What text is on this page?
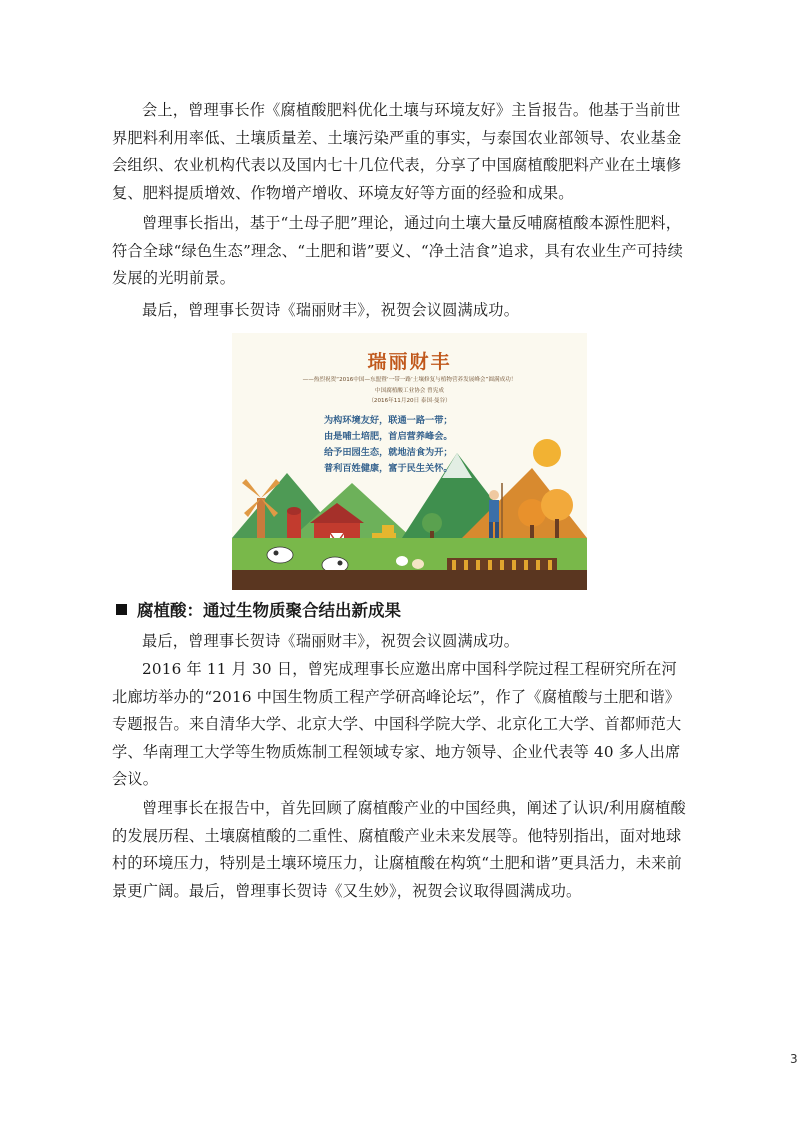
会上，曾理事长作《腐植酸肥料优化土壤与环境友好》主旨报告。他基于当前世界肥料利用率低、土壤质量差、土壤污染严重的事实，与泰国农业部领导、农业基金会组织、农业机构代表以及国内七十几位代表，分享了中国腐植酸肥料产业在土壤修复、肥料提质增效、作物增产增收、环境友好等方面的经验和成果。

曾理事长指出，基于“土母子肥”理论，通过向土壤大量反哺腐植酸本源性肥料，符合全球“绿色生态”理念、“土肥和谐”要义、“净土洁食”追求，具有农业生产可持续发展的光明前景。

最后，曾理事长贺诗《瑞丽财丰》，祝贺会议圆满成功。

瑞丽财丰
——热烈祝贺“2016中国—东盟暨‘一带一路’土壤修复与植物营养发展峰会”圆满成功！
中国腐植酸工业协会 曾宪成
（2016年11月20日 泰国·曼谷）
为构环境友好，联通一路一带；
由是哺土培肥，首启营养峰会。
给予田园生态，就地洁食为开；
普利百姓健康，富于民生关怀。
腐植酸：通过生物质聚合结出新成果

最后，曾理事长贺诗《瑞丽财丰》，祝贺会议圆满成功。

2016 年 11 月 30 日，曾宪成理事长应邀出席中国科学院过程工程研究所在河北廊坊举办的“2016 中国生物质工程产学研高峰论坛”，作了《腐植酸与土肥和谐》专题报告。来自清华大学、北京大学、中国科学院大学、北京化工大学、首都师范大学、华南理工大学等生物质炼制工程领域专家、地方领导、企业代表等 40 多人出席会议。

曾理事长在报告中，首先回顾了腐植酸产业的中国经典，阐述了认识/利用腐植酸的发展历程、土壤腐植酸的二重性、腐植酸产业未来发展等。他特别指出，面对地球村的环境压力，特别是土壤环境压力，让腐植酸在构筑“土肥和谐”更具活力，未来前景更广阔。最后，曾理事长贺诗《又生妙》，祝贺会议取得圆满成功。

3
